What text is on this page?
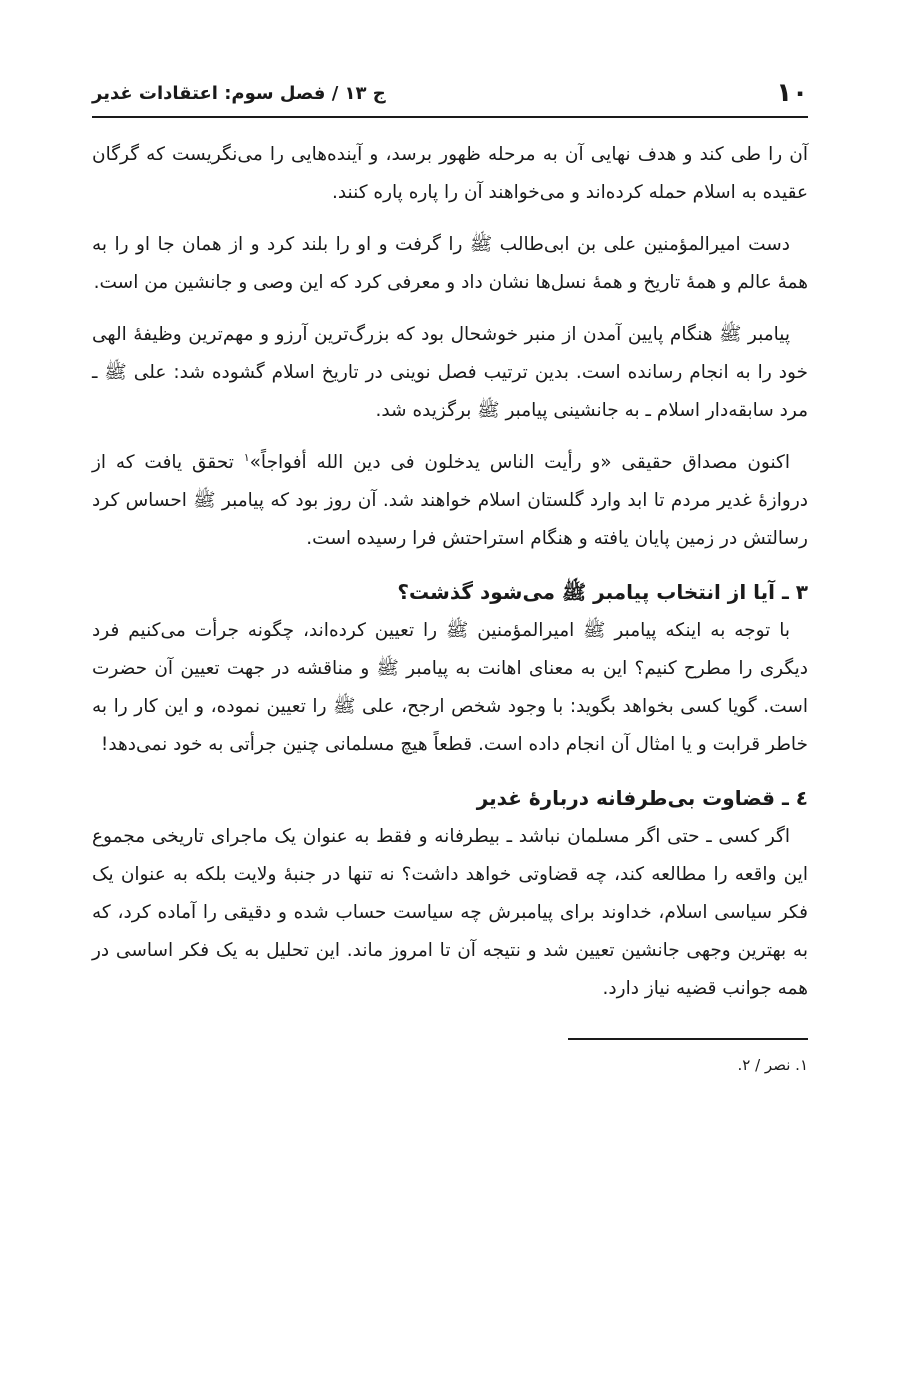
۱۰
ج ۱۳ / فصل سوم: اعتقادات غدیر

آن را طی کند و هدف نهایی آن به مرحله ظهور برسد، و آینده‌هایی را می‌نگریست که گرگان عقیده به اسلام حمله کرده‌اند و می‌خواهند آن را پاره پاره کنند.

دست امیرالمؤمنین علی بن ابی‌طالب ﷺ را گرفت و او را بلند کرد و از همان جا او را به همهٔ عالم و همهٔ تاریخ و همهٔ نسل‌ها نشان داد و معرفی کرد که این وصی و جانشین من است.

پیامبر ﷺ هنگام پایین آمدن از منبر خوشحال بود که بزرگ‌ترین آرزو و مهم‌ترین وظیفهٔ الهی خود را به انجام رسانده است. بدین ترتیب فصل نوینی در تاریخ اسلام گشوده شد: علی ﷺ ـ مرد سابقه‌دار اسلام ـ به جانشینی پیامبر ﷺ برگزیده شد.

اکنون مصداق حقیقی «و رأیت الناس یدخلون فی دین الله أفواجاً»$^۱$ تحقق یافت که از دروازهٔ غدیر مردم تا ابد وارد گلستان اسلام خواهند شد. آن روز بود که پیامبر ﷺ احساس کرد رسالتش در زمین پایان یافته و هنگام استراحتش فرا رسیده است.

۳ ـ آیا از انتخاب پیامبر ﷺ می‌شود گذشت؟

با توجه به اینکه پیامبر ﷺ امیرالمؤمنین ﷺ را تعیین کرده‌اند، چگونه جرأت می‌کنیم فرد دیگری را مطرح کنیم؟ این به معنای اهانت به پیامبر ﷺ و مناقشه در جهت تعیین آن حضرت است. گویا کسی بخواهد بگوید: با وجود شخص ارجح، علی ﷺ را تعیین نموده، و این کار را به خاطر قرابت و یا امثال آن انجام داده است. قطعاً هیچ مسلمانی چنین جرأتی به خود نمی‌دهد!

٤ ـ قضاوت بی‌طرفانه دربارهٔ غدیر

اگر کسی ـ حتی اگر مسلمان نباشد ـ بیطرفانه و فقط به عنوان یک ماجرای تاریخی مجموع این واقعه را مطالعه کند، چه قضاوتی خواهد داشت؟ نه تنها در جنبهٔ ولایت بلکه به عنوان یک فکر سیاسی اسلام، خداوند برای پیامبرش چه سیاست حساب شده و دقیقی را آماده کرد، که به بهترین وجهی جانشین تعیین شد و نتیجه آن تا امروز ماند. این تحلیل به یک فکر اساسی در همه جوانب قضیه نیاز دارد.

۱. نصر / ۲.
